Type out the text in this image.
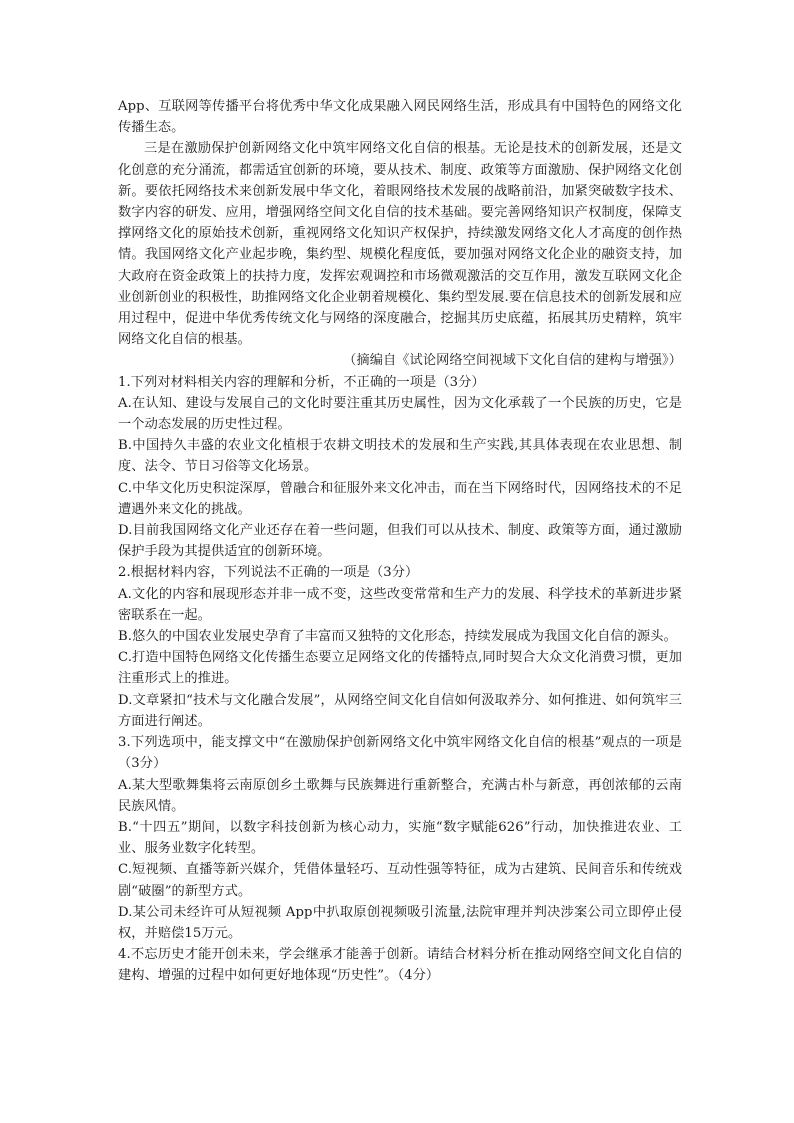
App、互联网等传播平台将优秀中华文化成果融入网民网络生活，形成具有中国特色的网络文化传播生态。

三是在激励保护创新网络文化中筑牢网络文化自信的根基。无论是技术的创新发展，还是文化创意的充分涌流，都需适宜创新的环境，要从技术、制度、政策等方面激励、保护网络文化创新。要依托网络技术来创新发展中华文化，着眼网络技术发展的战略前沿，加紧突破数字技术、数字内容的研发、应用，增强网络空间文化自信的技术基础。要完善网络知识产权制度，保障支撑网络文化的原始技术创新，重视网络文化知识产权保护，持续激发网络文化人才高度的创作热情。我国网络文化产业起步晚，集约型、规模化程度低，要加强对网络文化企业的融资支持，加大政府在资金政策上的扶持力度，发挥宏观调控和市场微观激活的交互作用，激发互联网文化企业创新创业的积极性，助推网络文化企业朝着规模化、集约型发展.要在信息技术的创新发展和应用过程中，促进中华优秀传统文化与网络的深度融合，挖掘其历史底蕴，拓展其历史精粹，筑牢网络文化自信的根基。

（摘编自《试论网络空间视域下文化自信的建构与增强》）

1.下列对材料相关内容的理解和分析，不正确的一项是（3分）

A.在认知、建设与发展自己的文化时要注重其历史属性，因为文化承载了一个民族的历史，它是一个动态发展的历史性过程。

B.中国持久丰盛的农业文化植根于农耕文明技术的发展和生产实践,其具体表现在农业思想、制度、法令、节日习俗等文化场景。

C.中华文化历史积淀深厚，曾融合和征服外来文化冲击，而在当下网络时代，因网络技术的不足遭遇外来文化的挑战。

D.目前我国网络文化产业还存在着一些问题，但我们可以从技术、制度、政策等方面，通过激励保护手段为其提供适宜的创新环境。

2.根据材料内容，下列说法不正确的一项是（3分）

A.文化的内容和展现形态并非一成不变，这些改变常常和生产力的发展、科学技术的革新进步紧密联系在一起。

B.悠久的中国农业发展史孕育了丰富而又独特的文化形态，持续发展成为我国文化自信的源头。

C.打造中国特色网络文化传播生态要立足网络文化的传播特点,同时契合大众文化消费习惯，更加注重形式上的推进。

D.文章紧扣“技术与文化融合发展”，从网络空间文化自信如何汲取养分、如何推进、如何筑牢三方面进行阐述。

3.下列选项中，能支撑文中“在激励保护创新网络文化中筑牢网络文化自信的根基”观点的一项是（3分）

A.某大型歌舞集将云南原创乡土歌舞与民族舞进行重新整合，充满古朴与新意，再创浓郁的云南民族风情。

B.“十四五”期间，以数字科技创新为核心动力，实施“数字赋能626”行动，加快推进农业、工业、服务业数字化转型。

C.短视频、直播等新兴媒介，凭借体量轻巧、互动性强等特征，成为古建筑、民间音乐和传统戏剧“破圈”的新型方式。

D.某公司未经许可从短视频 App中扒取原创视频吸引流量,法院审理并判决涉案公司立即停止侵权，并赔偿15万元。

4.不忘历史才能开创未来，学会继承才能善于创新。请结合材料分析在推动网络空间文化自信的建构、增强的过程中如何更好地体现“历史性”。（4分）
